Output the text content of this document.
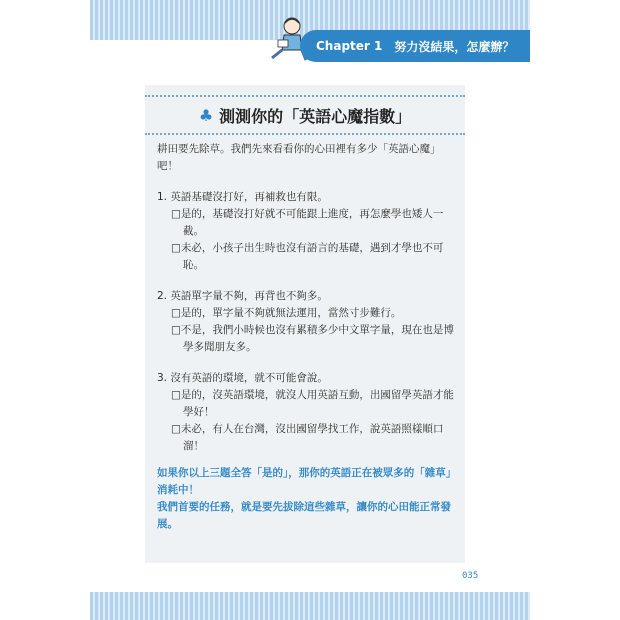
Chapter 1 努力沒結果，怎麼辦？
♣ 測測你的「英語心魔指數」

耕田要先除草。我們先來看看你的心田裡有多少「英語心魔」吧！

1. 英語基礎沒打好，再補救也有限。

□是的，基礎沒打好就不可能跟上進度，再怎麼學也矮人一截。

□未必，小孩子出生時也沒有語言的基礎，遇到才學也不可恥。

2. 英語單字量不夠，再背也不夠多。

□是的，單字量不夠就無法運用，當然寸步難行。

□不是，我們小時候也沒有累積多少中文單字量，現在也是博學多聞朋友多。

3. 沒有英語的環境，就不可能會說。

□是的，沒英語環境，就沒人用英語互動，出國留學英語才能學好！

□未必，有人在台灣，沒出國留學找工作，說英語照樣順口溜！

如果你以上三題全答「是的」，那你的英語正在被眾多的「雜草」消耗中！

我們首要的任務，就是要先拔除這些雜草，讓你的心田能正常發展。

035
